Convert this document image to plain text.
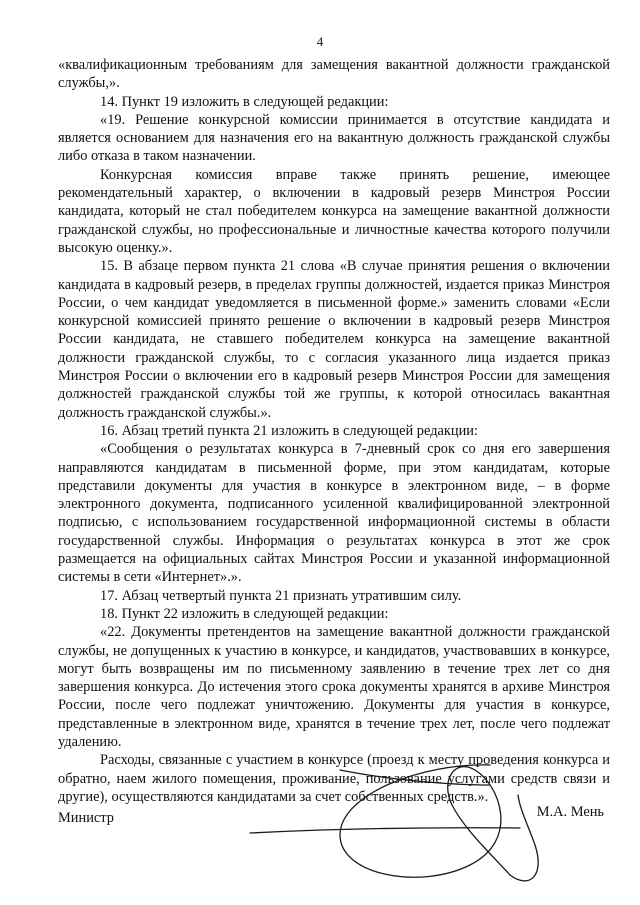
4

«квалификационным требованиям для замещения вакантной должности гражданской службы,».

14. Пункт 19 изложить в следующей редакции:

«19. Решение конкурсной комиссии принимается в отсутствие кандидата и является основанием для назначения его на вакантную должность гражданской службы либо отказа в таком назначении.

Конкурсная комиссия вправе также принять решение, имеющее рекомендательный характер, о включении в кадровый резерв Минстроя России кандидата, который не стал победителем конкурса на замещение вакантной должности гражданской службы, но профессиональные и личностные качества которого получили высокую оценку.».

15. В абзаце первом пункта 21 слова «В случае принятия решения о включении кандидата в кадровый резерв, в пределах группы должностей, издается приказ Минстроя России, о чем кандидат уведомляется в письменной форме.» заменить словами «Если конкурсной комиссией принято решение о включении в кадровый резерв Минстроя России кандидата, не ставшего победителем конкурса на замещение вакантной должности гражданской службы, то с согласия указанного лица издается приказ Минстроя России о включении его в кадровый резерв Минстроя России для замещения должностей гражданской службы той же группы, к которой относилась вакантная должность гражданской службы.».

16. Абзац третий пункта 21 изложить в следующей редакции:

«Сообщения о результатах конкурса в 7-дневный срок со дня его завершения направляются кандидатам в письменной форме, при этом кандидатам, которые представили документы для участия в конкурсе в электронном виде, – в форме электронного документа, подписанного усиленной квалифицированной электронной подписью, с использованием государственной информационной системы в области государственной службы. Информация о результатах конкурса в этот же срок размещается на официальных сайтах Минстроя России и указанной информационной системы в сети «Интернет».».

17. Абзац четвертый пункта 21 признать утратившим силу.

18. Пункт 22 изложить в следующей редакции:

«22. Документы претендентов на замещение вакантной должности гражданской службы, не допущенных к участию в конкурсе, и кандидатов, участвовавших в конкурсе, могут быть возвращены им по письменному заявлению в течение трех лет со дня завершения конкурса. До истечения этого срока документы хранятся в архиве Минстроя России, после чего подлежат уничтожению. Документы для участия в конкурсе, представленные в электронном виде, хранятся в течение трех лет, после чего подлежат удалению.

Расходы, связанные с участием в конкурсе (проезд к месту проведения конкурса и обратно, наем жилого помещения, проживание, пользование услугами средств связи и другие), осуществляются кандидатами за счет собственных средств.».

Министр	М.А. Мень
